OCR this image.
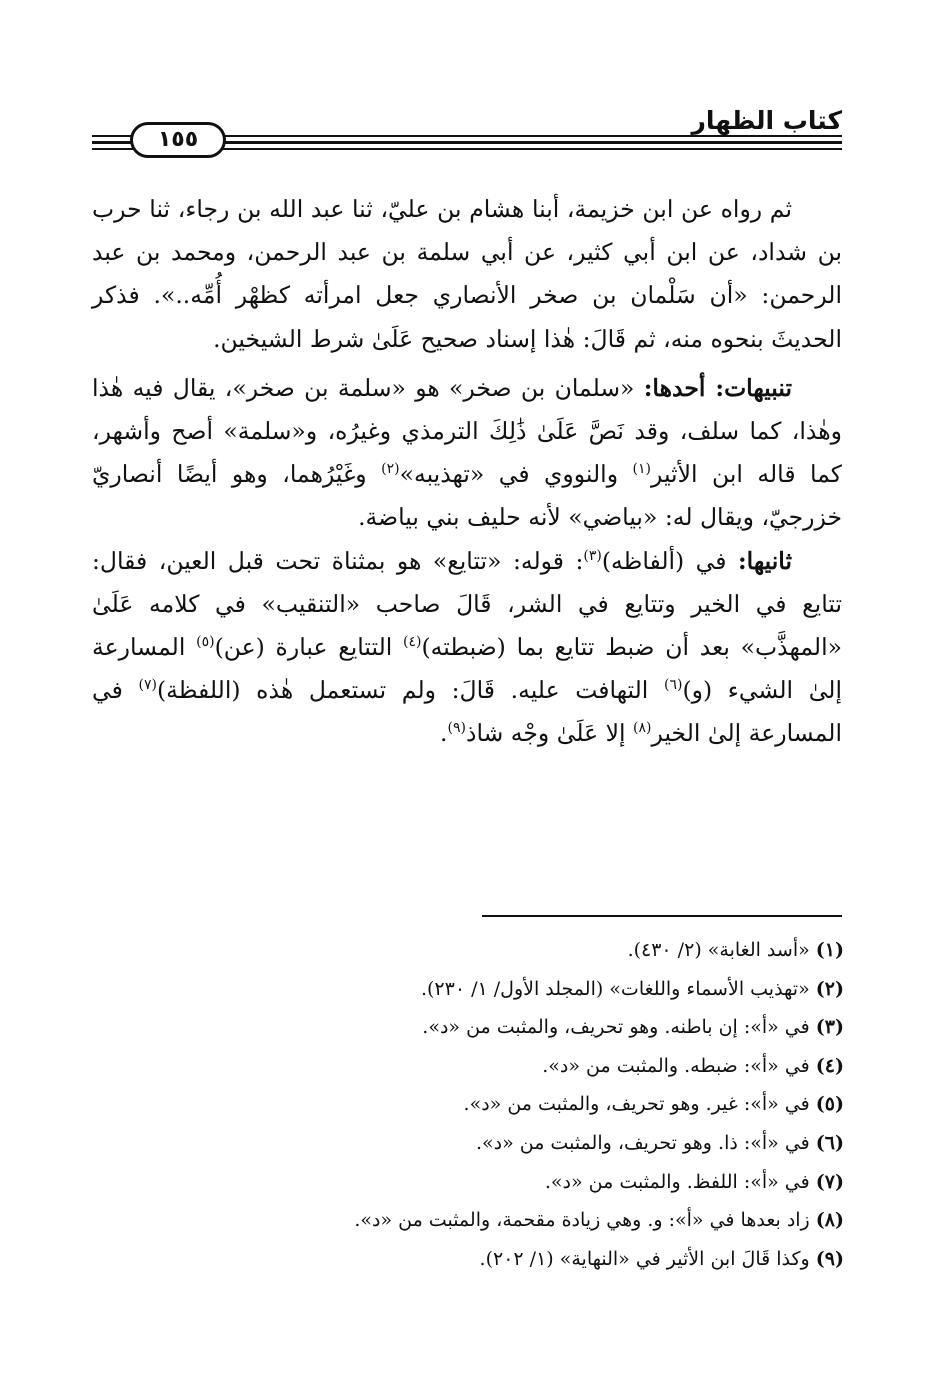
كتاب الظهار
١٥٥

ثم رواه عن ابن خزيمة، أبنا هشام بن عليّ، ثنا عبد الله بن رجاء، ثنا حرب بن شداد، عن ابن أبي كثير، عن أبي سلمة بن عبد الرحمن، ومحمد بن عبد الرحمن: «أن سَلْمان بن صخر الأنصاري جعل امرأته كظهْر أُمِّه..». فذكر الحديثَ بنحوه منه، ثم قَالَ: هٰذا إسناد صحيح عَلَىٰ شرط الشيخين.

تنبيهات: أحدها: «سلمان بن صخر» هو «سلمة بن صخر»، يقال فيه هٰذا وهٰذا، كما سلف، وقد نَصَّ عَلَىٰ ذَٰلِكَ الترمذي وغيرُه، و«سلمة» أصح وأشهر، كما قاله ابن الأثير$^{(١)}$ والنووي في «تهذيبه»$^{(٢)}$ وغَيْرُهما، وهو أيضًا أنصاريّ خزرجيّ، ويقال له: «بياضي» لأنه حليف بني بياضة.

ثانيها: في (ألفاظه)$^{(٣)}$: قوله: «تتايع» هو بمثناة تحت قبل العين، فقال: تتايع في الخير وتتايع في الشر، قَالَ صاحب «التنقيب» في كلامه عَلَىٰ «المهذَّب» بعد أن ضبط تتايع بما (ضبطته)$^{(٤)}$ التتايع عبارة (عن)$^{(٥)}$ المسارعة إلىٰ الشيء (و)$^{(٦)}$ التهافت عليه. قَالَ: ولم تستعمل هٰذه (اللفظة)$^{(٧)}$ في المسارعة إلىٰ الخير$^{(٨)}$ إلا عَلَىٰ وجْه شاذ$^{(٩)}$.

(١) «أسد الغابة» (٢/ ٤٣٠).
(٢) «تهذيب الأسماء واللغات» (المجلد الأول/ ١/ ٢٣٠).
(٣) في «أ»: إن باطنه. وهو تحريف، والمثبت من «د».
(٤) في «أ»: ضبطه. والمثبت من «د».
(٥) في «أ»: غير. وهو تحريف، والمثبت من «د».
(٦) في «أ»: ذا. وهو تحريف، والمثبت من «د».
(٧) في «أ»: اللفظ. والمثبت من «د».
(٨) زاد بعدها في «أ»: و. وهي زيادة مقحمة، والمثبت من «د».
(٩) وكذا قَالَ ابن الأثير في «النهاية» (١/ ٢٠٢).
